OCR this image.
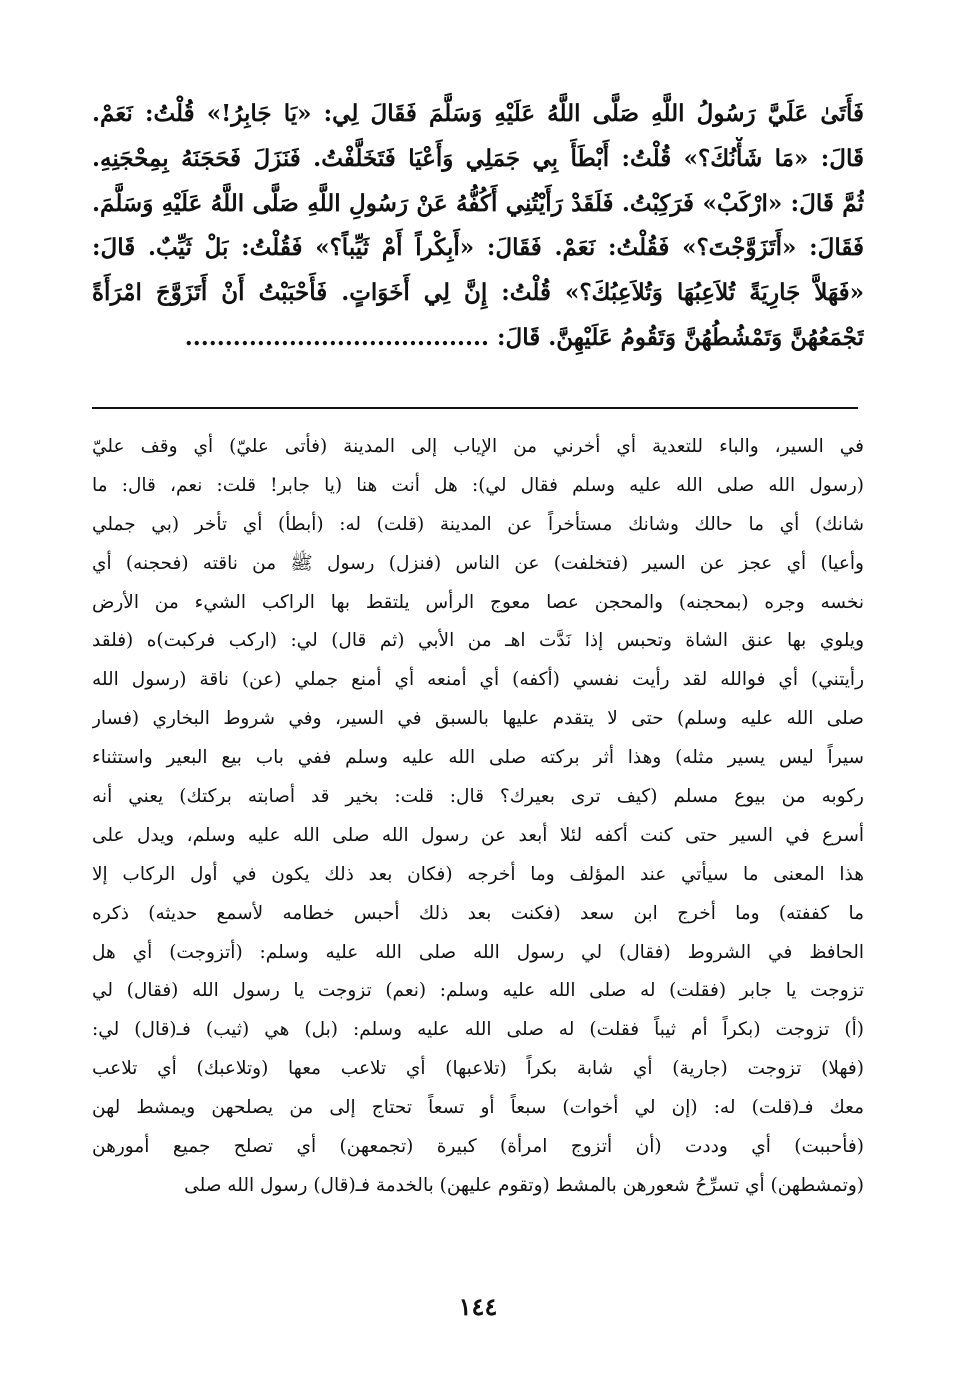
فَأَتَىٰ عَلَيَّ رَسُولُ اللَّهِ صَلَّى اللَّهُ عَلَيْهِ وَسَلَّمَ فَقَالَ لِي: «يَا جَابِرُ!» قُلْتُ: نَعَمْ.
قَالَ: «مَا شَأْنُكَ؟» قُلْتُ: أَبْطَأَ بِي جَمَلِي وَأَعْيَا فَتَخَلَّفْتُ. فَنَزَلَ فَحَجَنَهُ بِمِحْجَنِهِ.
ثُمَّ قَالَ: «ارْكَبْ» فَرَكِبْتُ. فَلَقَدْ رَأَيْتُنِي أَكُفُّهُ عَنْ رَسُولِ اللَّهِ صَلَّى اللَّهُ عَلَيْهِ وَسَلَّمَ.
فَقَالَ: «أَتَزَوَّجْتَ؟» فَقُلْتُ: نَعَمْ. فَقَالَ: «أَبِكْراً أَمْ ثَيِّباً؟» فَقُلْتُ: بَلْ ثَيِّبٌ. قَالَ:
«فَهَلاَّ جَارِيَةً تُلاَعِبُهَا وَتُلاَعِبُكَ؟» قُلْتُ: إِنَّ لِي أَخَوَاتٍ. فَأَحْبَبْتُ أَنْ أَتَزَوَّجَ امْرَأَةً
تَجْمَعُهُنَّ وَتَمْشُطُهُنَّ وَتَقُومُ عَلَيْهِنَّ. قَالَ: ......................................
في السير، والباء للتعدية أي أخرني من الإياب إلى المدينة (فأتى عليّ) أي وقف عليّ
(رسول الله صلى الله عليه وسلم فقال لي): هل أنت هنا (يا جابر! قلت: نعم، قال: ما
شانك) أي ما حالك وشانك مستأخراً عن المدينة (قلت) له: (أبطأ) أي تأخر (بي جملي
وأعيا) أي عجز عن السير (فتخلفت) عن الناس (فنزل) رسول ﷺ من ناقته (فحجنه) أي
نخسه وجره (بمحجنه) والمحجن عصا معوج الرأس يلتقط بها الراكب الشيء من الأرض
ويلوي بها عنق الشاة وتحبس إذا نَدَّت اهـ من الأبي (ثم قال) لي: (اركب فركبت)ه (فلقد
رأيتني) أي فوالله لقد رأيت نفسي (أكفه) أي أمنعه أي أمنع جملي (عن) ناقة (رسول الله
صلى الله عليه وسلم) حتى لا يتقدم عليها بالسبق في السير، وفي شروط البخاري (فسار
سيراً ليس يسير مثله) وهذا أثر بركته صلى الله عليه وسلم ففي باب بيع البعير واستثناء
ركوبه من بيوع مسلم (كيف ترى بعيرك؟ قال: قلت: بخير قد أصابته بركتك) يعني أنه
أسرع في السير حتى كنت أكفه لئلا أبعد عن رسول الله صلى الله عليه وسلم، ويدل على
هذا المعنى ما سيأتي عند المؤلف وما أخرجه (فكان بعد ذلك يكون في أول الركاب إلا
ما كففته) وما أخرج ابن سعد (فكنت بعد ذلك أحبس خطامه لأسمع حديثه) ذكره
الحافظ في الشروط (فقال) لي رسول الله صلى الله عليه وسلم: (أتزوجت) أي هل
تزوجت يا جابر (فقلت) له صلى الله عليه وسلم: (نعم) تزوجت يا رسول الله (فقال) لي
(أ) تزوجت (بكراً أم ثيباً فقلت) له صلى الله عليه وسلم: (بل) هي (ثيب) فـ(قال) لي:
(فهلا) تزوجت (جارية) أي شابة بكراً (تلاعبها) أي تلاعب معها (وتلاعبك) أي تلاعب
معك فـ(قلت) له: (إن لي أخوات) سبعاً أو تسعاً تحتاج إلى من يصلحهن ويمشط لهن
(فأحببت) أي وددت (أن أتزوج امرأة) كبيرة (تجمعهن) أي تصلح جميع أمورهن
(وتمشطهن) أي تسرِّحُ شعورهن بالمشط (وتقوم عليهن) بالخدمة فـ(قال) رسول الله صلى
١٤٤
